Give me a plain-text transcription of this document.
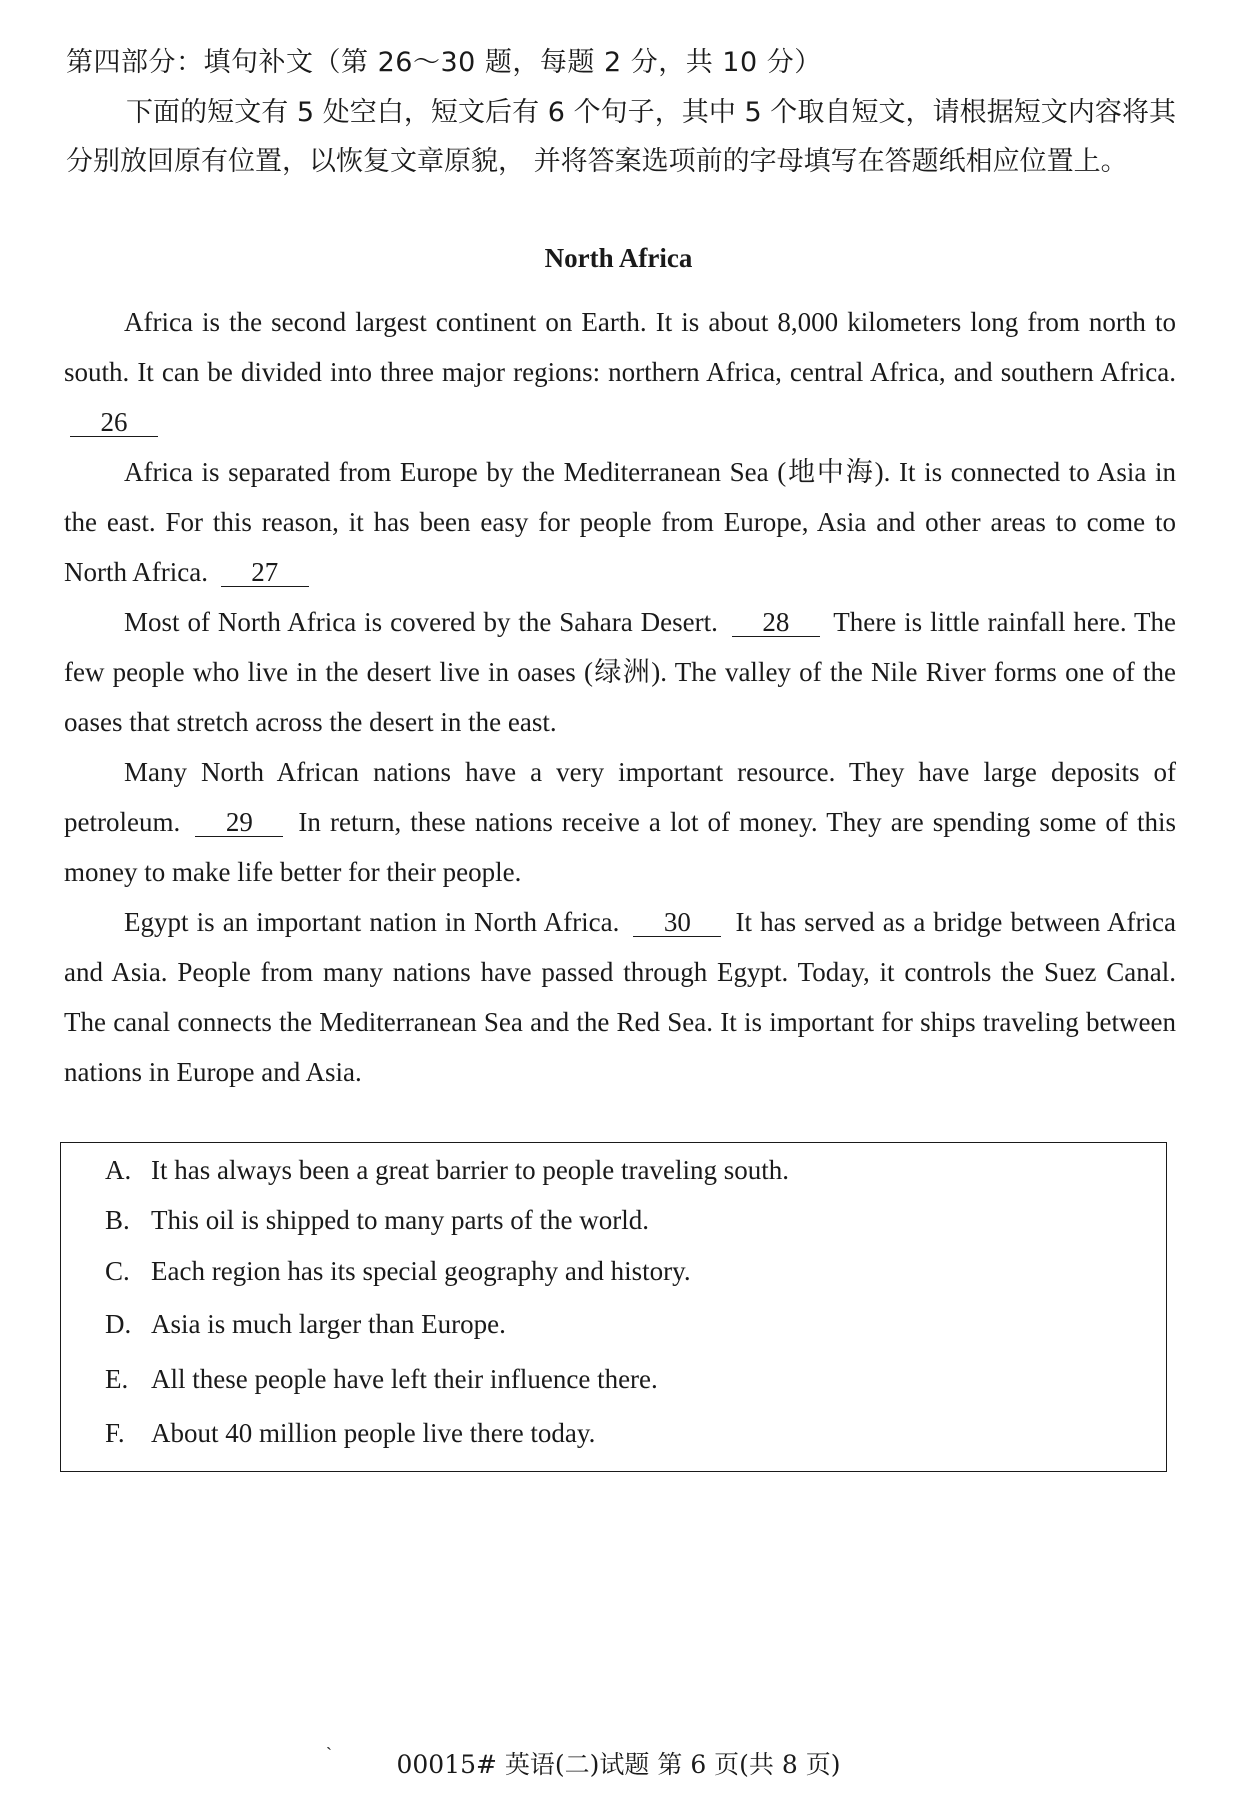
第四部分：填句补文（第 26～30 题，每题 2 分，共 10 分）
下面的短文有 5 处空白，短文后有 6 个句子，其中 5 个取自短文，请根据短文内容将其分别放回原有位置，以恢复文章原貌， 并将答案选项前的字母填写在答题纸相应位置上。
North Africa

Africa is the second largest continent on Earth. It is about 8,000 kilometers long from north to south. It can be divided into three major regions: northern Africa, central Africa, and southern Africa. 26

Africa is separated from Europe by the Mediterranean Sea (地中海). It is connected to Asia in the east. For this reason, it has been easy for people from Europe, Asia and other areas to come to North Africa. 27

Most of North Africa is covered by the Sahara Desert. 28 There is little rainfall here. The few people who live in the desert live in oases (绿洲). The valley of the Nile River forms one of the oases that stretch across the desert in the east.

Many North African nations have a very important resource. They have large deposits of petroleum. 29 In return, these nations receive a lot of money. They are spending some of this money to make life better for their people.

Egypt is an important nation in North Africa. 30 It has served as a bridge between Africa and Asia. People from many nations have passed through Egypt. Today, it controls the Suez Canal. The canal connects the Mediterranean Sea and the Red Sea. It is important for ships traveling between nations in Europe and Asia.

A. It has always been a great barrier to people traveling south.
B. This oil is shipped to many parts of the world.
C. Each region has its special geography and history.
D. Asia is much larger than Europe.
E. All these people have left their influence there.
F. About 40 million people live there today.
`	00015# 英语(二)试题 第 6 页(共 8 页)
